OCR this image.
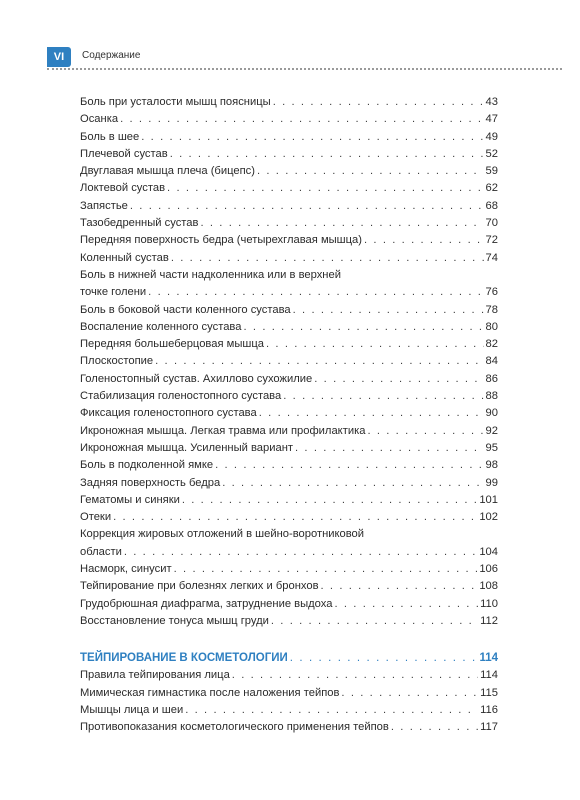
VI	Содержание
Боль при усталости мышц поясницы . . .	43
Осанка . . .	47
Боль в шее . . .	49
Плечевой сустав . . .	52
Двуглавая мышца плеча (бицепс) . . .	59
Локтевой сустав . . .	62
Запястье . . .	68
Тазобедренный сустав . . .	70
Передняя поверхность бедра (четырехглавая мышца) . . .	72
Коленный сустав . . .	74
Боль в нижней части надколенника или в верхней
точке голени . . .	76
Боль в боковой части коленного сустава . . .	78
Воспаление коленного сустава . . .	80
Передняя большеберцовая мышца . . .	82
Плоскостопие . . .	84
Голеностопный сустав. Ахиллово сухожилие . . .	86
Стабилизация голеностопного сустава . . .	88
Фиксация голеностопного сустава . . .	90
Икроножная мышца. Легкая травма или профилактика . . .	92
Икроножная мышца. Усиленный вариант . . .	95
Боль в подколенной ямке . . .	98
Задняя поверхность бедра . . .	99
Гематомы и синяки . . .	101
Отеки . . .	102
Коррекция жировых отложений в шейно-воротниковой
области . . .	104
Насморк, синусит . . .	106
Тейпирование при болезнях легких и бронхов . . .	108
Грудобрюшная диафрагма, затруднение выдоха . . .	110
Восстановление тонуса мышц груди . . .	112
ТЕЙПИРОВАНИЕ В КОСМЕТОЛОГИИ . . .	114
Правила тейпирования лица . . .	114
Мимическая гимнастика после наложения тейпов . . .	115
Мышцы лица и шеи . . .	116
Противопоказания косметологического применения тейпов . . .	117
